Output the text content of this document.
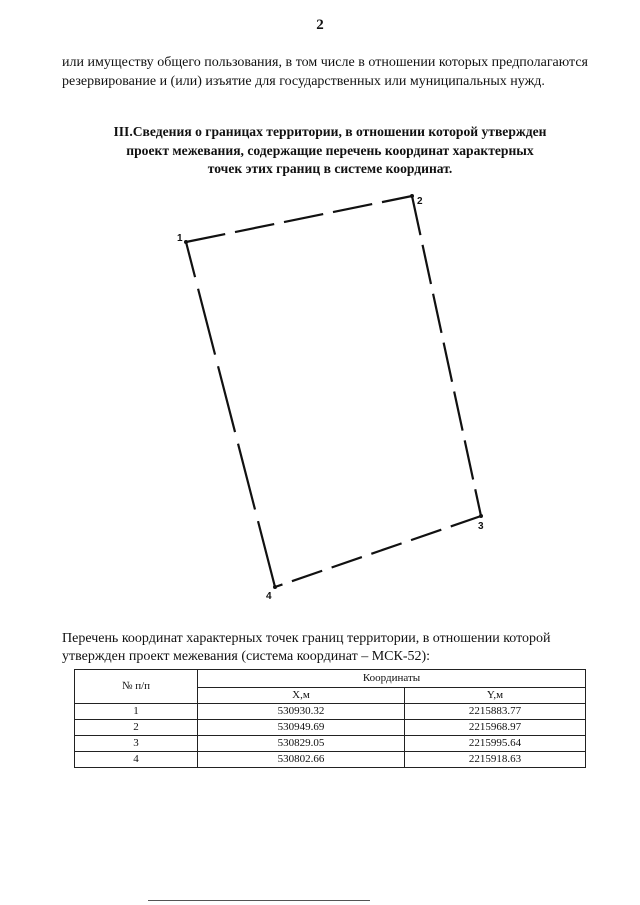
2
или имуществу общего пользования, в том числе в отношении которых предполагаются резервирование и (или) изъятие для государственных или муниципальных нужд.
III.Сведения о границах территории, в отношении которой утвержден
проект межевания, содержащие перечень координат характерных
точек этих границ в системе координат.
1
2
3
4
Перечень координат характерных точек границ территории, в отношении которой утвержден проект межевания (система координат – МСК-52):
№ п/п	Координаты	
	Х,м	Y,м
1	530930.32	2215883.77
2	530949.69	2215968.97
3	530829.05	2215995.64
4	530802.66	2215918.63
